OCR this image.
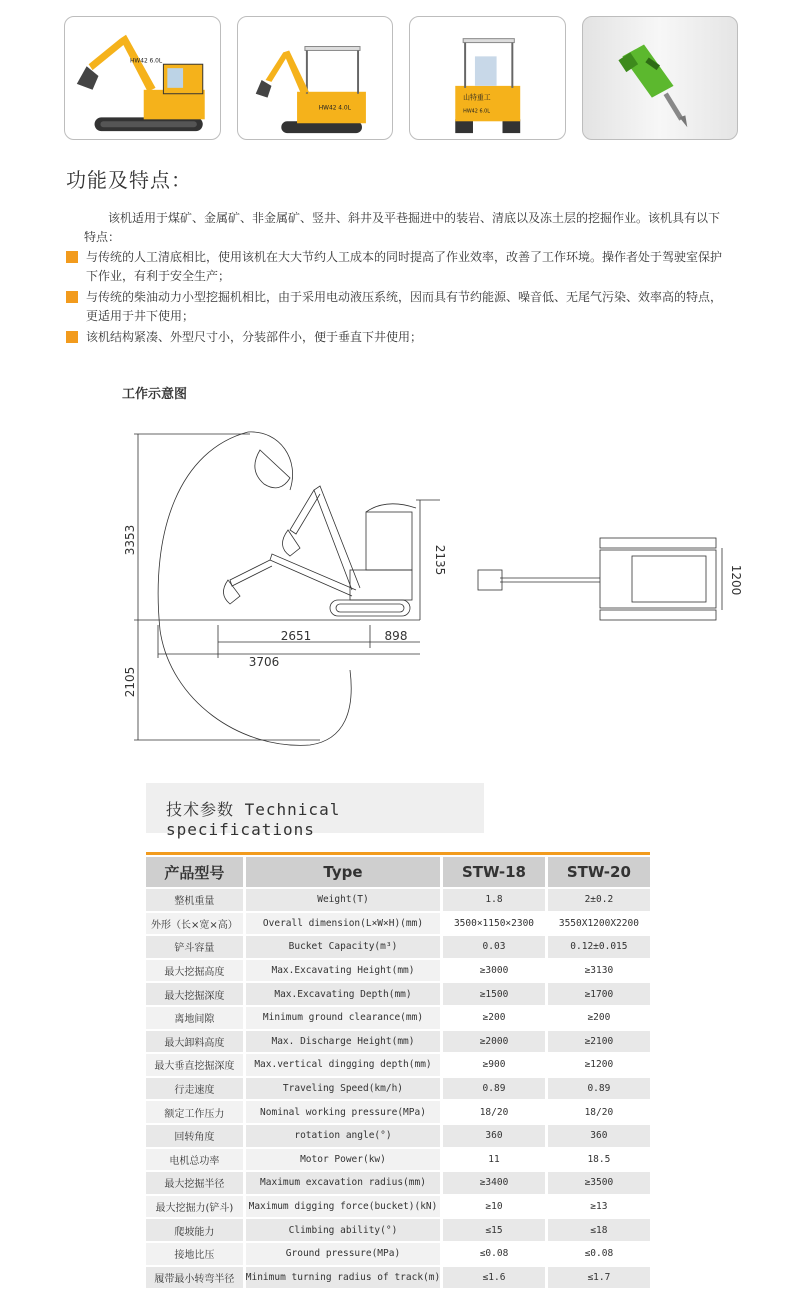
HW42 6.0L
HW42 4.0L
山特重工
HW42 6.0L
功能及特点：

该机适用于煤矿、金属矿、非金属矿、竖井、斜井及平巷掘进中的装岩、清底以及冻土层的挖掘作业。该机具有以下特点：

与传统的人工清底相比，使用该机在大大节约人工成本的同时提高了作业效率，改善了工作环境。操作者处于驾驶室保护下作业，有利于安全生产；
与传统的柴油动力小型挖掘机相比，由于采用电动液压系统，因而具有节约能源、噪音低、无尾气污染、效率高的特点，更适用于井下使用；
该机结构紧凑、外型尺寸小，分装部件小，便于垂直下井使用；
工作示意图
3353
2105
2135
2651	898
3706
1200
技术参数 Technical specifications
产品型号	Type	STW-18	STW-20
整机重量	Weight(T)	1.8	2±0.2
外形（长×宽×高）	Overall dimension(L×W×H)(mm)	3500×1150×2300	3550X1200X2200
铲斗容量	Bucket Capacity(m³)	0.03	0.12±0.015
最大挖掘高度	Max.Excavating Height(mm)	≥3000	≥3130
最大挖掘深度	Max.Excavating Depth(mm)	≥1500	≥1700
离地间隙	Minimum ground clearance(mm)	≥200	≥200
最大卸料高度	Max. Discharge Height(mm)	≥2000	≥2100
最大垂直挖掘深度	Max.vertical dingging depth(mm)	≥900	≥1200
行走速度	Traveling Speed(km/h)	0.89	0.89
额定工作压力	Nominal working pressure(MPa)	18/20	18/20
回转角度	rotation angle(°)	360	360
电机总功率	Motor Power(kw)	11	18.5
最大挖掘半径	Maximum excavation radius(mm)	≥3400	≥3500
最大挖掘力(铲斗)	Maximum digging force(bucket)(kN)	≥10	≥13
爬坡能力	Climbing ability(°)	≤15	≤18
接地比压	Ground pressure(MPa)	≤0.08	≤0.08
履带最小转弯半径	Minimum turning radius of track(m)	≤1.6	≤1.7
